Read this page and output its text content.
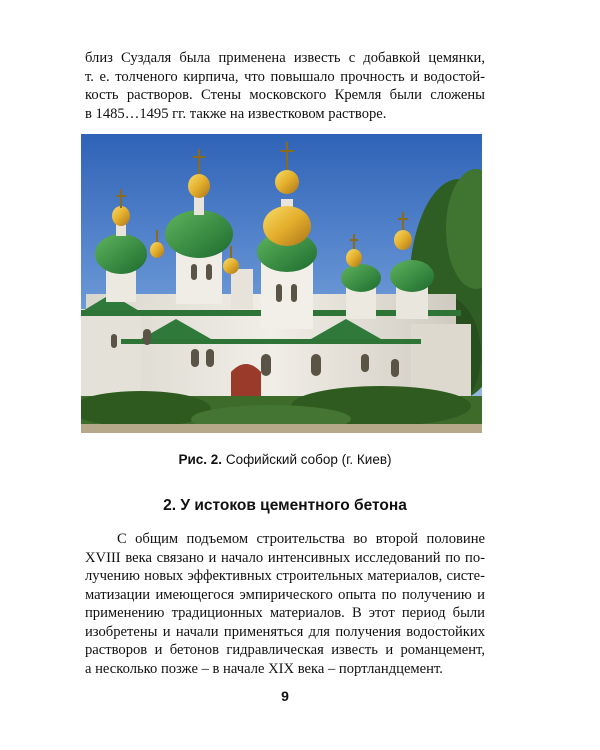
близ Суздаля была применена известь с добавкой цемянки,
т. е. толченого кирпича, что повышало прочность и водостой-
кость растворов. Стены московского Кремля были сложены
в 1485…1495 гг. также на известковом растворе.

Рис. 2. Софийский собор (г. Киев)
2. У истоков цементного бетона

С общим подъемом строительства во второй половине
XVIII века связано и начало интенсивных исследований по по-
лучению новых эффективных строительных материалов, систе-
матизации имеющегося эмпирического опыта по получению и
применению традиционных материалов. В этот период были
изобретены и начали применяться для получения водостойких
растворов и бетонов гидравлическая известь и романцемент,
а несколько позже – в начале XIX века – портландцемент.

9
